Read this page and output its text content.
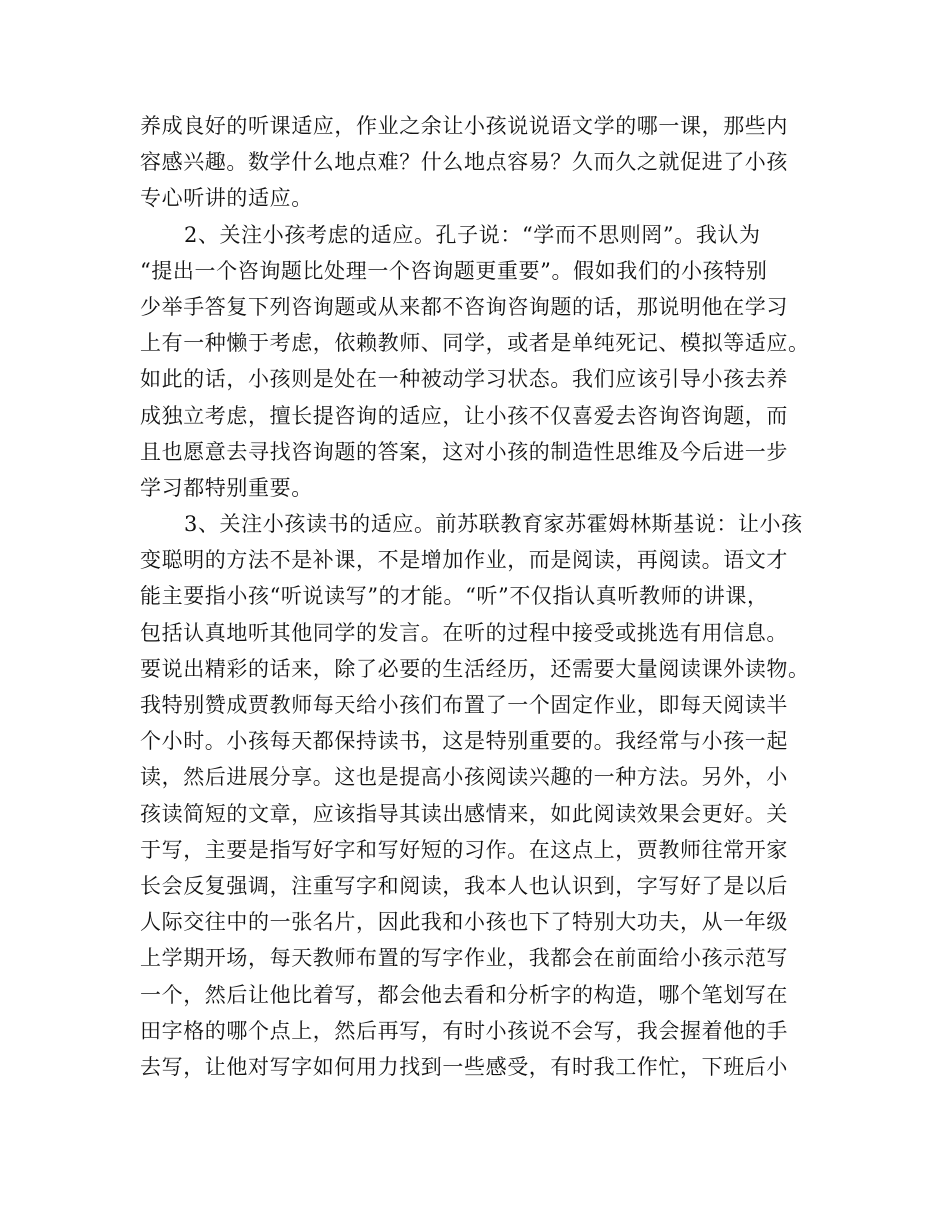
养成良好的听课适应，作业之余让小孩说说语文学的哪一课，那些内
容感兴趣。数学什么地点难？什么地点容易？久而久之就促进了小孩
专心听讲的适应。
2、关注小孩考虑的适应。孔子说：“学而不思则罔”。我认为
“提出一个咨询题比处理一个咨询题更重要”。假如我们的小孩特别
少举手答复下列咨询题或从来都不咨询咨询题的话，那说明他在学习
上有一种懒于考虑，依赖教师、同学，或者是单纯死记、模拟等适应。
如此的话，小孩则是处在一种被动学习状态。我们应该引导小孩去养
成独立考虑，擅长提咨询的适应，让小孩不仅喜爱去咨询咨询题，而
且也愿意去寻找咨询题的答案，这对小孩的制造性思维及今后进一步
学习都特别重要。
3、关注小孩读书的适应。前苏联教育家苏霍姆林斯基说：让小孩
变聪明的方法不是补课，不是增加作业，而是阅读，再阅读。语文才
能主要指小孩“听说读写”的才能。“听”不仅指认真听教师的讲课，
包括认真地听其他同学的发言。在听的过程中接受或挑选有用信息。
要说出精彩的话来，除了必要的生活经历，还需要大量阅读课外读物。
我特别赞成贾教师每天给小孩们布置了一个固定作业，即每天阅读半
个小时。小孩每天都保持读书，这是特别重要的。我经常与小孩一起
读，然后进展分享。这也是提高小孩阅读兴趣的一种方法。另外，小
孩读简短的文章，应该指导其读出感情来，如此阅读效果会更好。关
于写，主要是指写好字和写好短的习作。在这点上，贾教师往常开家
长会反复强调，注重写字和阅读，我本人也认识到，字写好了是以后
人际交往中的一张名片，因此我和小孩也下了特别大功夫，从一年级
上学期开场，每天教师布置的写字作业，我都会在前面给小孩示范写
一个，然后让他比着写，都会他去看和分析字的构造，哪个笔划写在
田字格的哪个点上，然后再写，有时小孩说不会写，我会握着他的手
去写，让他对写字如何用力找到一些感受，有时我工作忙，下班后小
